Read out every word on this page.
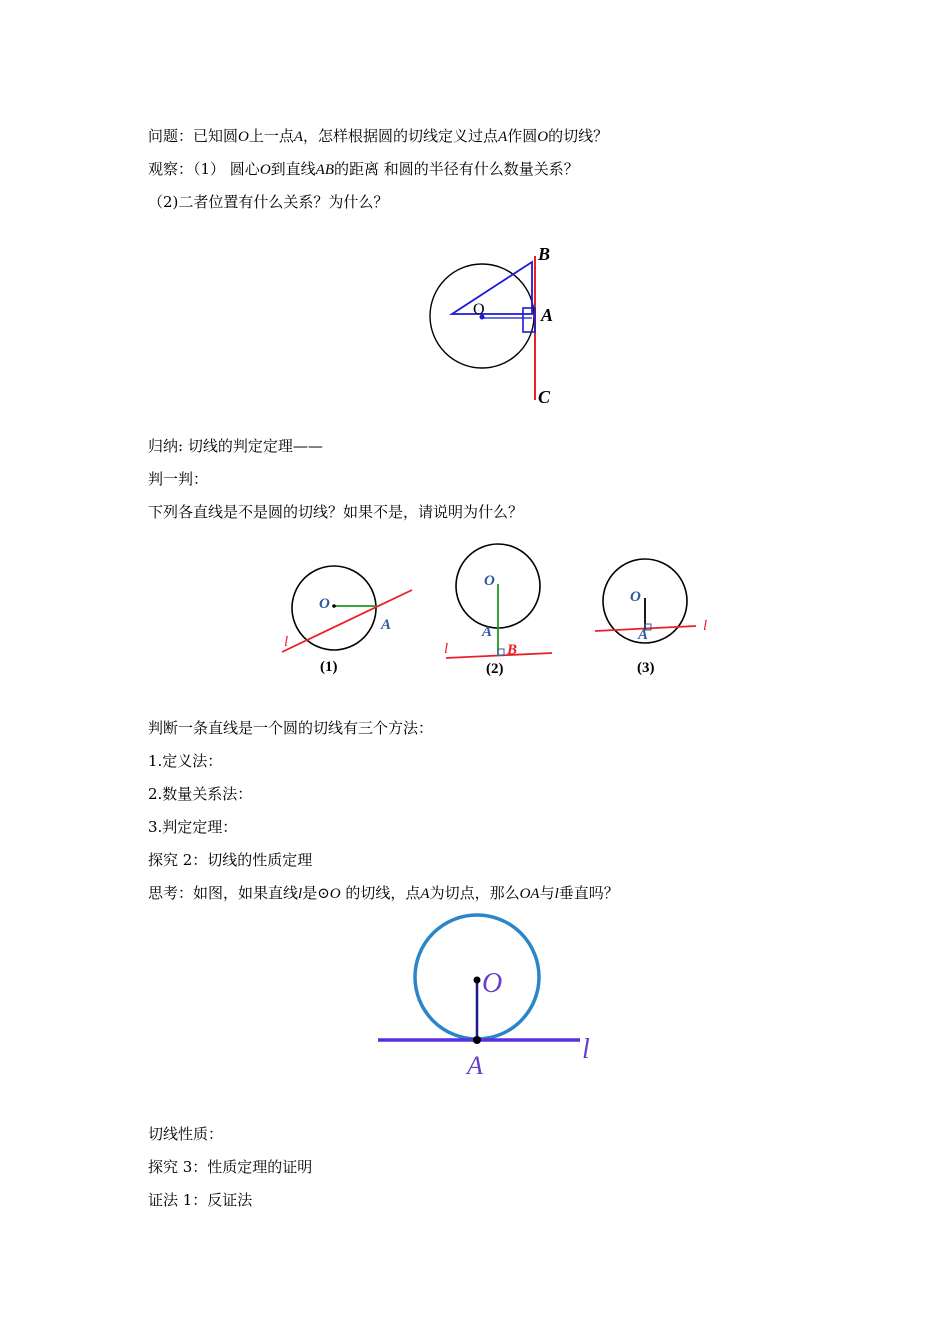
问题：已知圆O上一点A，怎样根据圆的切线定义过点A作圆O的切线？
观察：（1） 圆心O到直线AB的距离 和圆的半径有什么数量关系？
（2)二者位置有什么关系？为什么？
O
B
A
C
归纳: 切线的判定定理——
判一判：
下列各直线是不是圆的切线？如果不是，请说明为什么？
O
A
l
(1)
O
A
B
l
(2)
O
A
l
(3)
判断一条直线是一个圆的切线有三个方法：
1.定义法：
2.数量关系法：
3.判定定理：
探究 2：切线的性质定理
思考：如图，如果直线l是⊙O 的切线，点A为切点，那么OA与l垂直吗？
O
A
l
切线性质：
探究 3：性质定理的证明
证法 1：反证法
